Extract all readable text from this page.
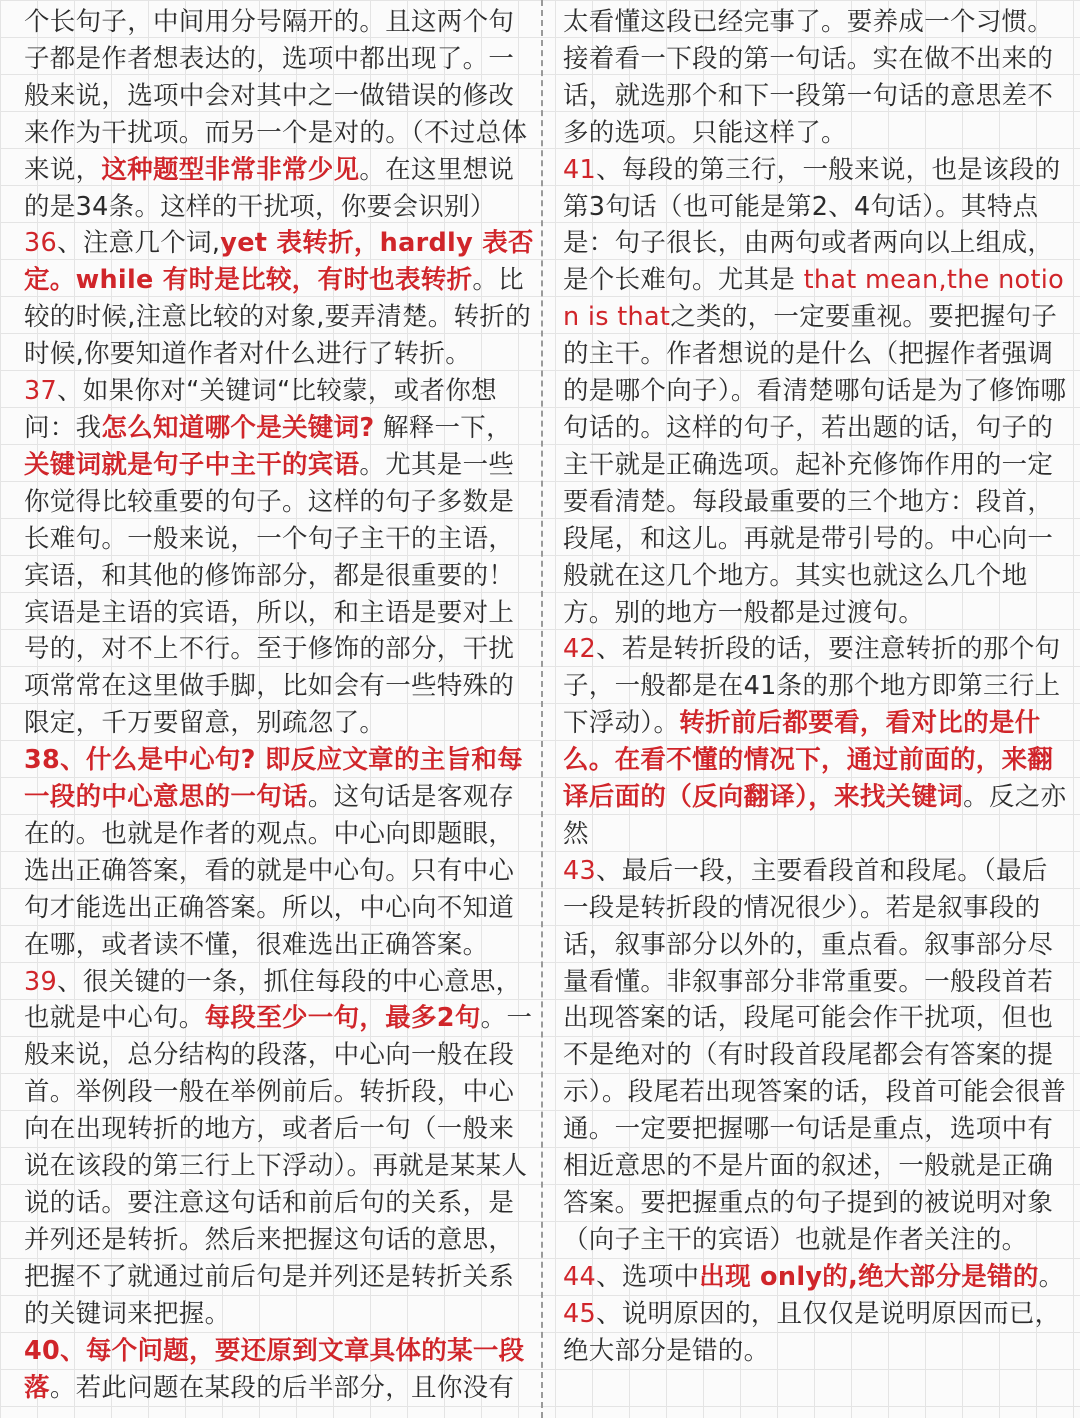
个长句子，中间用分号隔开的。且这两个句子都是作者想表达的，选项中都出现了。一般来说，选项中会对其中之一做错误的修改来作为干扰项。而另一个是对的。（不过总体来说，这种题型非常非常少见。在这里想说的是34条。这样的干扰项，你要会识别）

36、注意几个词,yet 表转折，hardly 表否定。while 有时是比较，有时也表转折。比较的时候,注意比较的对象,要弄清楚。转折的时候,你要知道作者对什么进行了转折。

37、如果你对“关键词“比较蒙，或者你想问：我怎么知道哪个是关键词? 解释一下，关键词就是句子中主干的宾语。尤其是一些你觉得比较重要的句子。这样的句子多数是长难句。一般来说，一个句子主干的主语，宾语，和其他的修饰部分，都是很重要的！宾语是主语的宾语，所以，和主语是要对上号的，对不上不行。至于修饰的部分，干扰项常常在这里做手脚，比如会有一些特殊的限定，千万要留意，别疏忽了。

38、什么是中心句? 即反应文章的主旨和每一段的中心意思的一句话。这句话是客观存在的。也就是作者的观点。中心向即题眼，选出正确答案，看的就是中心句。只有中心句才能选出正确答案。所以，中心向不知道在哪，或者读不懂，很难选出正确答案。

39、很关键的一条，抓住每段的中心意思，也就是中心句。每段至少一句，最多2句。一般来说，总分结构的段落，中心向一般在段首。举例段一般在举例前后。转折段，中心向在出现转折的地方，或者后一句（一般来说在该段的第三行上下浮动）。再就是某某人说的话。要注意这句话和前后句的关系，是并列还是转折。然后来把握这句话的意思，把握不了就通过前后句是并列还是转折关系的关键词来把握。

40、每个问题，要还原到文章具体的某一段落。若此问题在某段的后半部分，且你没有

太看懂这段已经完事了。要养成一个习惯。接着看一下段的第一句话。实在做不出来的话，就选那个和下一段第一句话的意思差不多的选项。只能这样了。

41、每段的第三行，一般来说，也是该段的第3句话（也可能是第2、4句话）。其特点是：句子很长，由两句或者两向以上组成，是个长难句。尤其是 that mean,the notion is that之类的，一定要重视。要把握句子的主干。作者想说的是什么（把握作者强调的是哪个向子）。看清楚哪句话是为了修饰哪句话的。这样的句子，若出题的话，句子的主干就是正确选项。起补充修饰作用的一定要看清楚。每段最重要的三个地方：段首，段尾，和这儿。再就是带引号的。中心向一般就在这几个地方。其实也就这么几个地方。别的地方一般都是过渡句。

42、若是转折段的话，要注意转折的那个句子，一般都是在41条的那个地方即第三行上下浮动）。转折前后都要看，看对比的是什么。在看不懂的情况下，通过前面的，来翻译后面的（反向翻译），来找关键词。反之亦然

43、最后一段，主要看段首和段尾。（最后一段是转折段的情况很少）。若是叙事段的话，叙事部分以外的，重点看。叙事部分尽量看懂。非叙事部分非常重要。一般段首若出现答案的话，段尾可能会作干扰项，但也不是绝对的（有时段首段尾都会有答案的提示）。段尾若出现答案的话，段首可能会很普通。一定要把握哪一句话是重点，选项中有相近意思的不是片面的叙述，一般就是正确答案。要把握重点的句子提到的被说明对象（向子主干的宾语）也就是作者关注的。

44、选项中出现 only的,绝大部分是错的。

45、说明原因的，且仅仅是说明原因而已，绝大部分是错的。
